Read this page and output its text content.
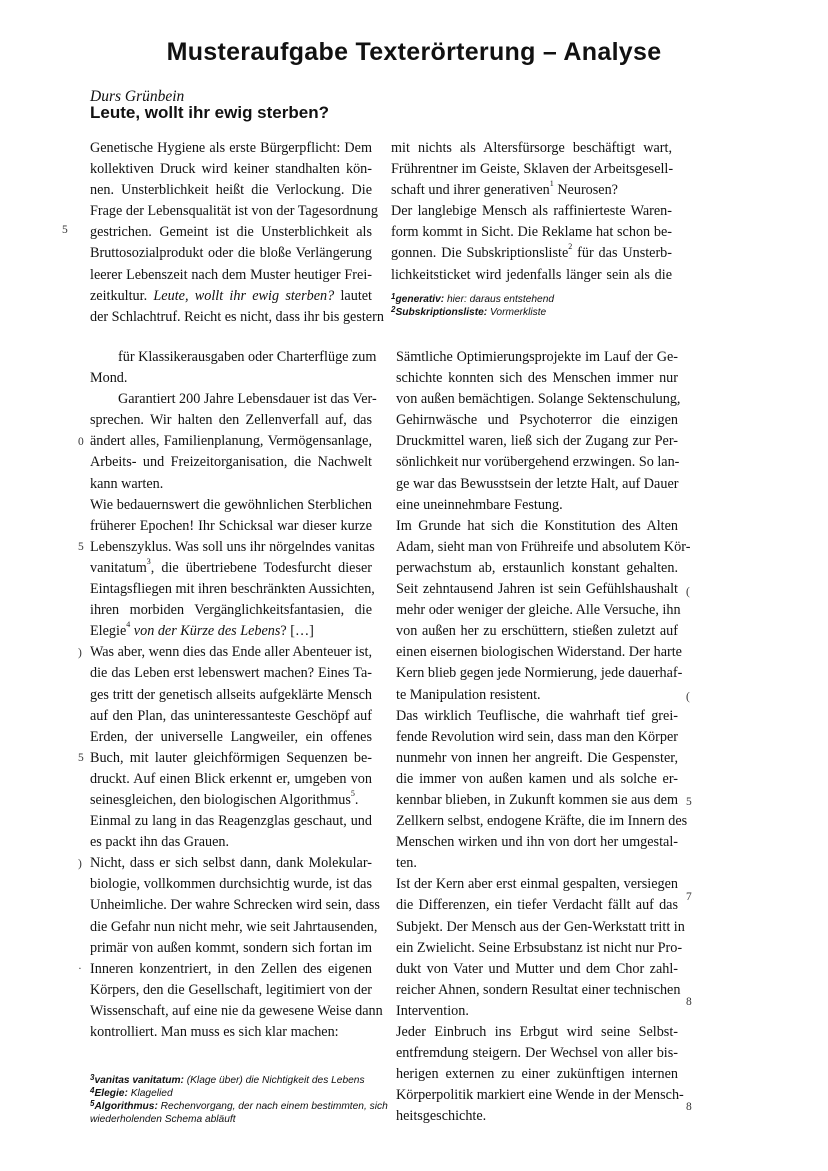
Musteraufgabe Texterörterung – Analyse
Durs Grünbein
Leute, wollt ihr ewig sterben?

Genetische Hygiene als erste Bürgerpflicht: Dem
kollektiven Druck wird keiner standhalten kön-
nen. Unsterblichkeit heißt die Verlockung. Die
Frage der Lebensqualität ist von der Tagesordnung
gestrichen. Gemeint ist die Unsterblichkeit als
Bruttosozialprodukt oder die bloße Verlängerung
leerer Lebenszeit nach dem Muster heutiger Frei-
zeitkultur. Leute, wollt ihr ewig sterben? lautet
der Schlachtruf. Reicht es nicht, dass ihr bis gestern

mit nichts als Altersfürsorge beschäftigt wart,
Frührentner im Geiste, Sklaven der Arbeitsgesell-
schaft und ihrer generativen$^1$ Neurosen?

Der langlebige Mensch als raffinierteste Waren-
form kommt in Sicht. Die Reklame hat schon be-
gonnen. Die Subskriptionsliste$^2$ für das Unsterb-
lichkeitsticket wird jedenfalls länger sein als die

$^1$generativ: hier: daraus entstehend
$^2$Subskriptionsliste: Vormerkliste

für Klassikerausgaben oder Charterflüge zum
Mond.

Garantiert 200 Jahre Lebensdauer ist das Ver-
sprechen. Wir halten den Zellenverfall auf, das
ändert alles, Familienplanung, Vermögensanlage,
Arbeits- und Freizeitorganisation, die Nachwelt
kann warten.

Wie bedauernswert die gewöhnlichen Sterblichen
früherer Epochen! Ihr Schicksal war dieser kurze
Lebenszyklus. Was soll uns ihr nörgelndes vanitas
vanitatum$^3$, die übertriebene Todesfurcht dieser
Eintagsfliegen mit ihren beschränkten Aussichten,
ihren morbiden Vergänglichkeitsfantasien, die
Elegie$^4$ von der Kürze des Lebens? […]

Was aber, wenn dies das Ende aller Abenteuer ist,
die das Leben erst lebenswert machen? Eines Ta-
ges tritt der genetisch allseits aufgeklärte Mensch
auf den Plan, das uninteressanteste Geschöpf auf
Erden, der universelle Langweiler, ein offenes
Buch, mit lauter gleichförmigen Sequenzen be-
druckt. Auf einen Blick erkennt er, umgeben von
seinesgleichen, den biologischen Algorithmus$^5$.
Einmal zu lang in das Reagenzglas geschaut, und
es packt ihn das Grauen.

Nicht, dass er sich selbst dann, dank Molekular-
biologie, vollkommen durchsichtig wurde, ist das
Unheimliche. Der wahre Schrecken wird sein, dass
die Gefahr nun nicht mehr, wie seit Jahrtausenden,
primär von außen kommt, sondern sich fortan im
Inneren konzentriert, in den Zellen des eigenen
Körpers, den die Gesellschaft, legitimiert von der
Wissenschaft, auf eine nie da gewesene Weise dann
kontrolliert. Man muss es sich klar machen:

Sämtliche Optimierungsprojekte im Lauf der Ge-
schichte konnten sich des Menschen immer nur
von außen bemächtigen. Solange Sektenschulung,
Gehirnwäsche und Psychoterror die einzigen
Druckmittel waren, ließ sich der Zugang zur Per-
sönlichkeit nur vorübergehend erzwingen. So lan-
ge war das Bewusstsein der letzte Halt, auf Dauer
eine uneinnehmbare Festung.

Im Grunde hat sich die Konstitution des Alten
Adam, sieht man von Frühreife und absolutem Kör-
perwachstum ab, erstaunlich konstant gehalten.
Seit zehntausend Jahren ist sein Gefühlshaushalt
mehr oder weniger der gleiche. Alle Versuche, ihn
von außen her zu erschüttern, stießen zuletzt auf
einen eisernen biologischen Widerstand. Der harte
Kern blieb gegen jede Normierung, jede dauerhaf-
te Manipulation resistent.

Das wirklich Teuflische, die wahrhaft tief grei-
fende Revolution wird sein, dass man den Körper
nunmehr von innen her angreift. Die Gespenster,
die immer von außen kamen und als solche er-
kennbar blieben, in Zukunft kommen sie aus dem
Zellkern selbst, endogene Kräfte, die im Innern des
Menschen wirken und ihn von dort her umgestal-
ten.

Ist der Kern aber erst einmal gespalten, versiegen
die Differenzen, ein tiefer Verdacht fällt auf das
Subjekt. Der Mensch aus der Gen-Werkstatt tritt in
ein Zwielicht. Seine Erbsubstanz ist nicht nur Pro-
dukt von Vater und Mutter und dem Chor zahl-
reicher Ahnen, sondern Resultat einer technischen
Intervention.

Jeder Einbruch ins Erbgut wird seine Selbst-
entfremdung steigern. Der Wechsel von aller bis-
herigen externen zu einer zukünftigen internen
Körperpolitik markiert eine Wende in der Mensch-
heitsgeschichte.

$^3$vanitas vanitatum: (Klage über) die Nichtigkeit des Lebens
$^4$Elegie: Klagelied
$^5$Algorithmus: Rechenvorgang, der nach einem bestimmten, sich
wiederholenden Schema abläuft
5
0
5
)
5
)
·
(
(
5
7
8
8
